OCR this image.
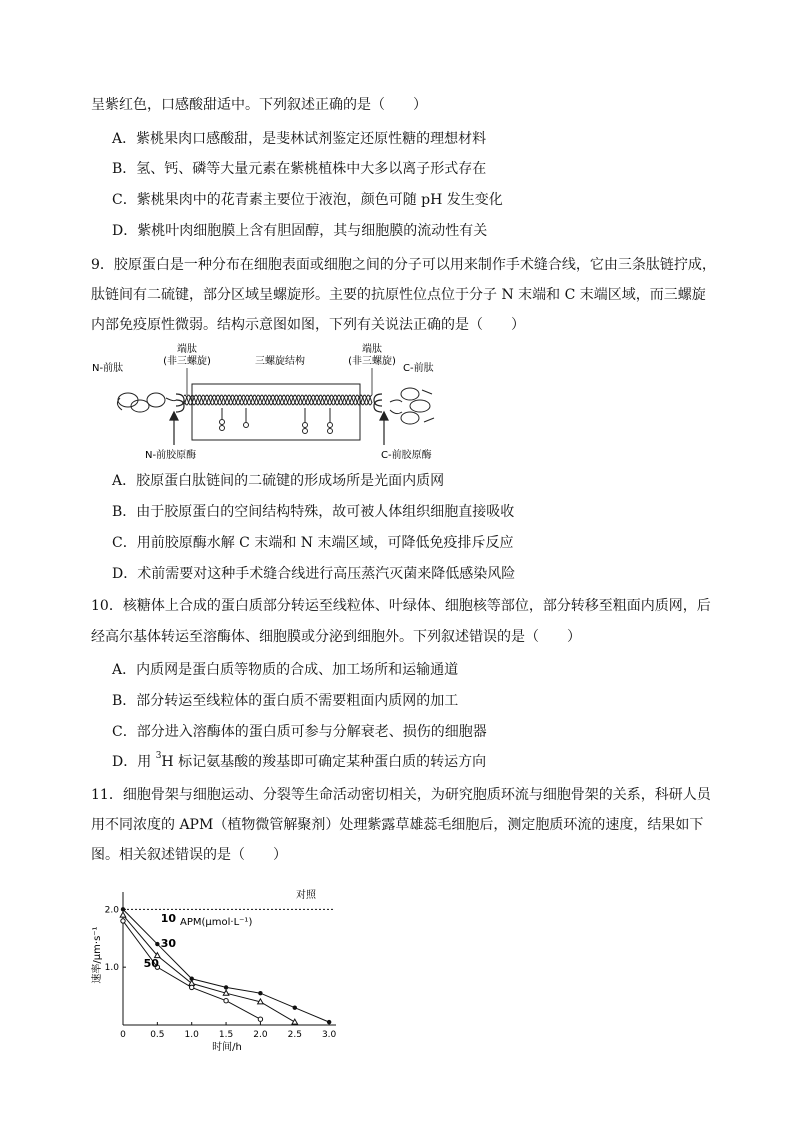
呈紫红色，口感酸甜适中。下列叙述正确的是（　　）
A．紫桃果肉口感酸甜，是斐林试剂鉴定还原性糖的理想材料
B．氢、钙、磷等大量元素在紫桃植株中大多以离子形式存在
C．紫桃果肉中的花青素主要位于液泡，颜色可随 pH 发生变化
D．紫桃叶肉细胞膜上含有胆固醇，其与细胞膜的流动性有关
9．胶原蛋白是一种分布在细胞表面或细胞之间的分子可以用来制作手术缝合线，它由三条肽链拧成，
肽链间有二硫键，部分区域呈螺旋形。主要的抗原性位点位于分子 N 末端和 C 末端区域，而三螺旋
内部免疫原性微弱。结构示意图如图，下列有关说法正确的是（　　）
N-前肽
端肽
(非三螺旋)	三螺旋结构
端肽
(非三螺旋)
C-前肽
N-前胶原酶	C-前胶原酶
A．胶原蛋白肽链间的二硫键的形成场所是光面内质网
B．由于胶原蛋白的空间结构特殊，故可被人体组织细胞直接吸收
C．用前胶原酶水解 C 末端和 N 末端区域，可降低免疫排斥反应
D．术前需要对这种手术缝合线进行高压蒸汽灭菌来降低感染风险
10．核糖体上合成的蛋白质部分转运至线粒体、叶绿体、细胞核等部位，部分转移至粗面内质网，后
经高尔基体转运至溶酶体、细胞膜或分泌到细胞外。下列叙述错误的是（　　）
A．内质网是蛋白质等物质的合成、加工场所和运输通道
B．部分转运至线粒体的蛋白质不需要粗面内质网的加工
C．部分进入溶酶体的蛋白质可参与分解衰老、损伤的细胞器
D．用 $^3$H 标记氨基酸的羧基即可确定某种蛋白质的转运方向
11．细胞骨架与细胞运动、分裂等生命活动密切相关，为研究胞质环流与细胞骨架的关系，科研人员
用不同浓度的 APM（植物微管解聚剂）处理紫露草雄蕊毛细胞后，测定胞质环流的速度，结果如下
图。相关叙述错误的是（　　）
0	0.5 1.0 1.5 2.0 2.5 3.0
1.0
2.0
10
30
50
速率/μm·s⁻¹
时间/h
对照
APM(μmol·L⁻¹)
